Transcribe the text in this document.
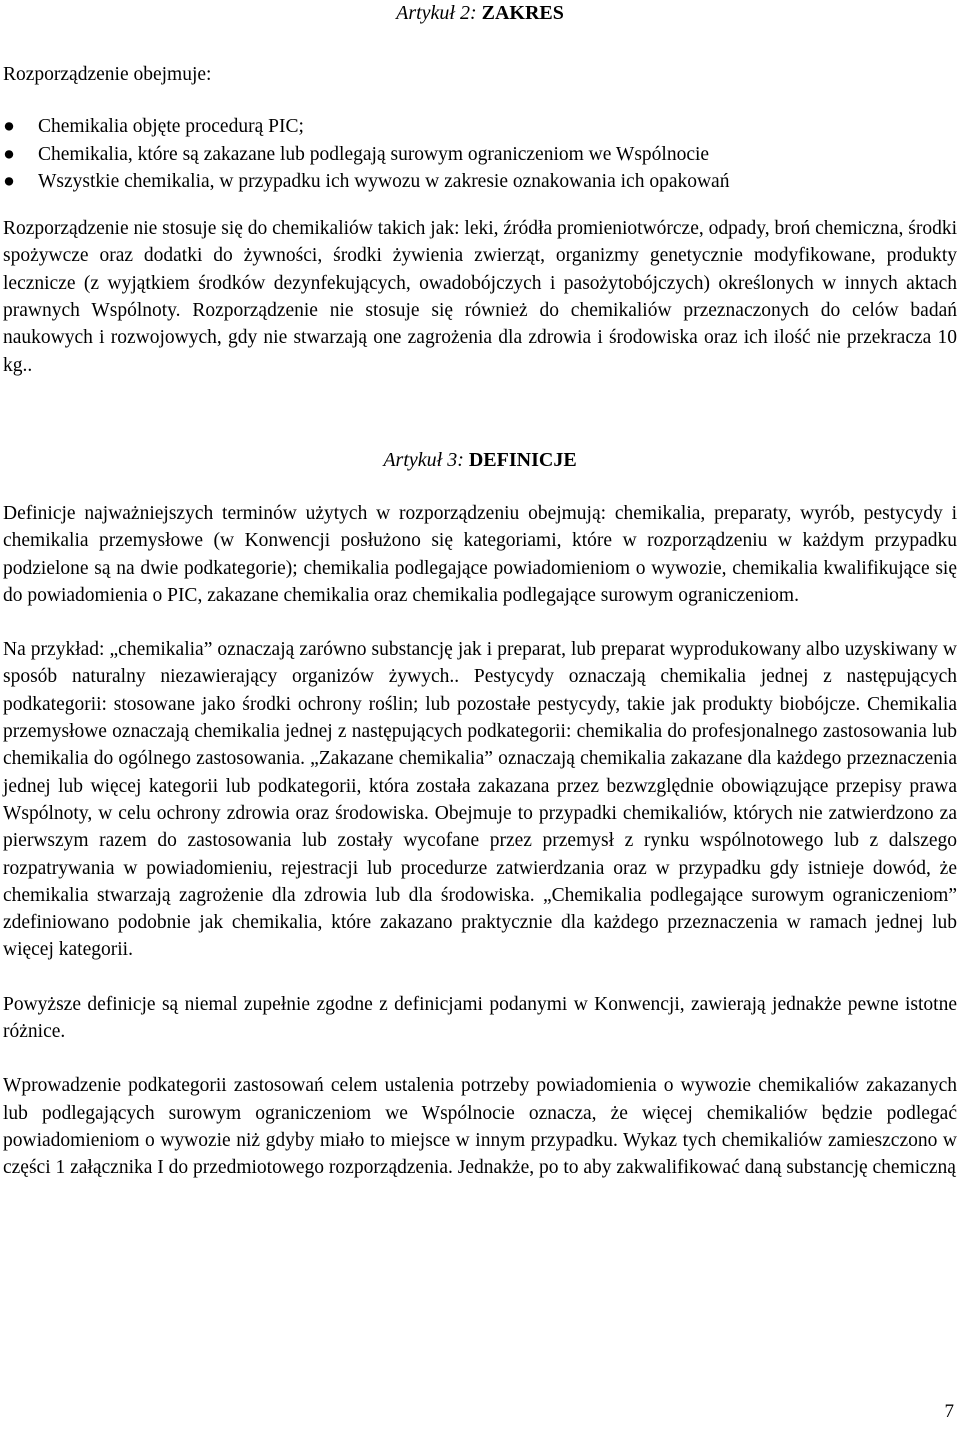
Artykuł 2: ZAKRES

Rozporządzenie obejmuje:

● Chemikalia objęte procedurą PIC;
● Chemikalia, które są zakazane lub podlegają surowym ograniczeniom we Wspólnocie
● Wszystkie chemikalia, w przypadku ich wywozu w zakresie oznakowania ich opakowań

Rozporządzenie nie stosuje się do chemikaliów takich jak: leki, źródła promieniotwórcze, odpady, broń chemiczna, środki spożywcze oraz dodatki do żywności, środki żywienia zwierząt, organizmy genetycznie modyfikowane, produkty lecznicze (z wyjątkiem środków dezynfekujących, owadobójczych i pasożytobójczych) określonych w innych aktach prawnych Wspólnoty. Rozporządzenie nie stosuje się również do chemikaliów przeznaczonych do celów badań naukowych i rozwojowych, gdy nie stwarzają one zagrożenia dla zdrowia i środowiska oraz ich ilość nie przekracza 10 kg..

Artykuł 3: DEFINICJE

Definicje najważniejszych terminów użytych w rozporządzeniu obejmują: chemikalia, preparaty, wyrób, pestycydy i chemikalia przemysłowe (w Konwencji posłużono się kategoriami, które w rozporządzeniu w każdym przypadku podzielone są na dwie podkategorie); chemikalia podlegające powiadomieniom o wywozie, chemikalia kwalifikujące się do powiadomienia o PIC, zakazane chemikalia oraz chemikalia podlegające surowym ograniczeniom.

Na przykład: „chemikalia” oznaczają zarówno substancję jak i preparat, lub preparat wyprodukowany albo uzyskiwany w sposób naturalny niezawierający organizów żywych.. Pestycydy oznaczają chemikalia jednej z następujących podkategorii: stosowane jako środki ochrony roślin; lub pozostałe pestycydy, takie jak produkty biobójcze. Chemikalia przemysłowe oznaczają chemikalia jednej z następujących podkategorii: chemikalia do profesjonalnego zastosowania lub chemikalia do ogólnego zastosowania. „Zakazane chemikalia” oznaczają chemikalia zakazane dla każdego przeznaczenia jednej lub więcej kategorii lub podkategorii, która została zakazana przez bezwzględnie obowiązujące przepisy prawa Wspólnoty, w celu ochrony zdrowia oraz środowiska. Obejmuje to przypadki chemikaliów, których nie zatwierdzono za pierwszym razem do zastosowania lub zostały wycofane przez przemysł z rynku wspólnotowego lub z dalszego rozpatrywania w powiadomieniu, rejestracji lub procedurze zatwierdzania oraz w przypadku gdy istnieje dowód, że chemikalia stwarzają zagrożenie dla zdrowia lub dla środowiska. „Chemikalia podlegające surowym ograniczeniom” zdefiniowano podobnie jak chemikalia, które zakazano praktycznie dla każdego przeznaczenia w ramach jednej lub więcej kategorii.

Powyższe definicje są niemal zupełnie zgodne z definicjami podanymi w Konwencji, zawierają jednakże pewne istotne różnice.

Wprowadzenie podkategorii zastosowań celem ustalenia potrzeby powiadomienia o wywozie chemikaliów zakazanych lub podlegających surowym ograniczeniom we Wspólnocie oznacza, że więcej chemikaliów będzie podlegać powiadomieniom o wywozie niż gdyby miało to miejsce w innym przypadku. Wykaz tych chemikaliów zamieszczono w części 1 załącznika I do przedmiotowego rozporządzenia. Jednakże, po to aby zakwalifikować daną substancję chemiczną

7
